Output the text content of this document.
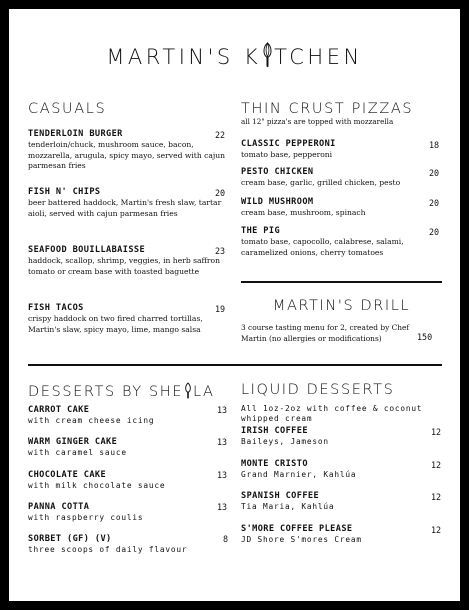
MARTIN'S K TCHEN
CASUALS
TENDERLOIN BURGER
tenderloin/chuck, mushroom sauce, bacon, mozzarella, arugula, spicy mayo, served with cajun parmesan fries
22
FISH N' CHIPS
beer battered haddock, Martin's fresh slaw, tartar aioli, served with cajun parmesan fries
20
SEAFOOD BOUILLABAISSE
haddock, scallop, shrimp, veggies, in herb saffron tomato or cream base with toasted baguette
23
FISH TACOS
crispy haddock on two fired charred tortillas, Martin's slaw, spicy mayo, lime, mango salsa
19
THIN CRUST PIZZAS
all 12" pizza's are topped with mozzarella
CLASSIC PEPPERONI
tomato base, pepperoni
18
PESTO CHICKEN
cream base, garlic, grilled chicken, pesto
20
WILD MUSHROOM
cream base, mushroom, spinach
20
THE PIG
tomato base, capocollo, calabrese, salami, caramelized onions, cherry tomatoes
20
MARTIN'S DRILL
3 course tasting menu for 2, created by Chef Martin (no allergies or modifications)	150
DESSERTS BY SHE LA
CARROT CAKE
with cream cheese icing
13
WARM GINGER CAKE
with caramel sauce
13
CHOCOLATE CAKE
with milk chocolate sauce
13
PANNA COTTA
with raspberry coulis
13
SORBET (GF) (V)
three scoops of daily flavour
8
LIQUID DESSERTS
All 1oz-2oz with coffee & coconut whipped cream
IRISH COFFEE
Baileys, Jameson
12
MONTE CRISTO
Grand Marnier, Kahlúa
12
SPANISH COFFEE
Tia Maria, Kahlúa
12
S'MORE COFFEE PLEASE
JD Shore S'mores Cream
12
